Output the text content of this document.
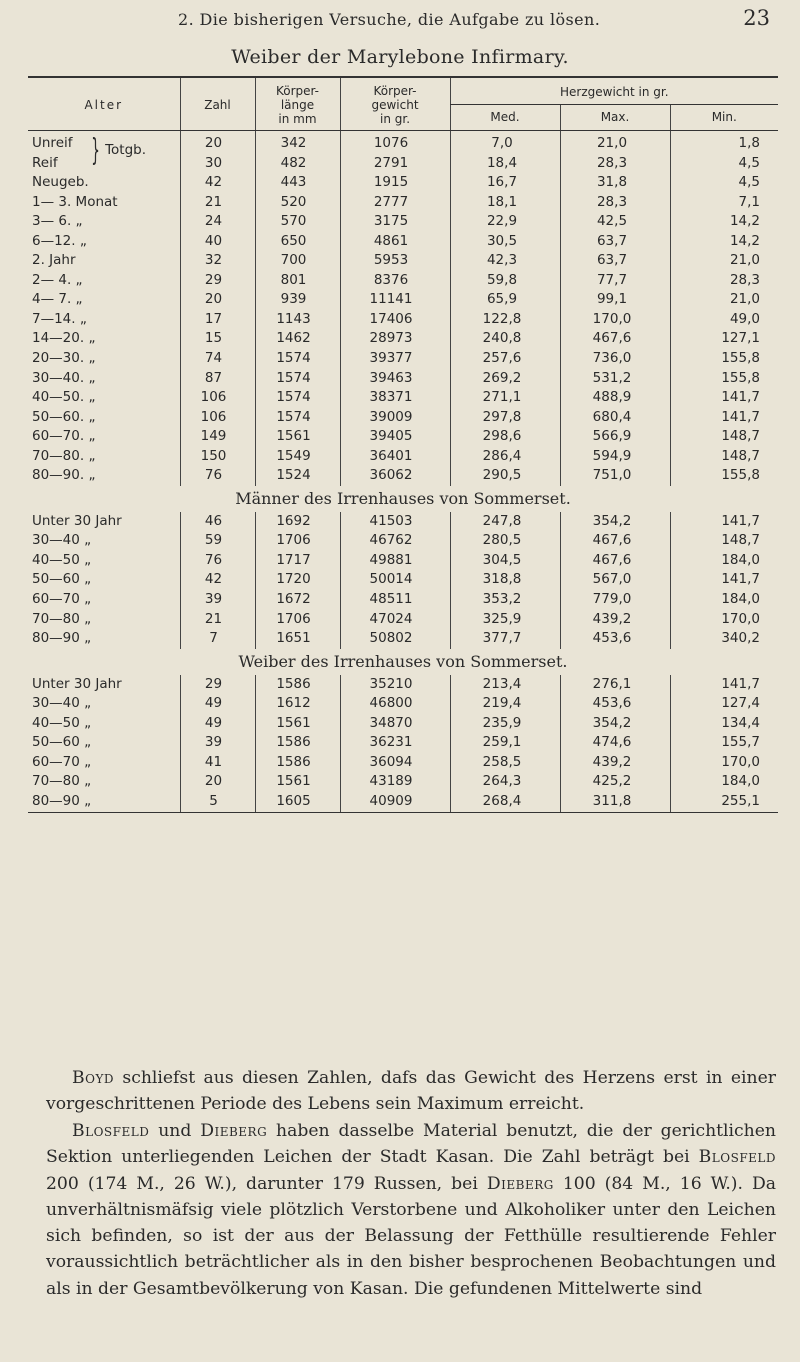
2. Die bisherigen Versuche, die Aufgabe zu lösen.	23
Weiber der Marylebone Infirmary.
Alter	Zahl	Körper-
länge
in mm	Körper-
gewicht
in gr.	Herzgewicht in gr.		
				Med.	Max.	Min.
Unreif } Totgb.	20	342	1076	7,0	21,0	1,8
Reif	30	482	2791	18,4	28,3	4,5
Neugeb.	42	443	1915	16,7	31,8	4,5
1— 3. Monat	21	520	2777	18,1	28,3	7,1
3— 6. „	24	570	3175	22,9	42,5	14,2
6—12. „	40	650	4861	30,5	63,7	14,2
2. Jahr	32	700	5953	42,3	63,7	21,0
2— 4. „	29	801	8376	59,8	77,7	28,3
4— 7. „	20	939	11141	65,9	99,1	21,0
7—14. „	17	1143	17406	122,8	170,0	49,0
14—20. „	15	1462	28973	240,8	467,6	127,1
20—30. „	74	1574	39377	257,6	736,0	155,8
30—40. „	87	1574	39463	269,2	531,2	155,8
40—50. „	106	1574	38371	271,1	488,9	141,7
50—60. „	106	1574	39009	297,8	680,4	141,7
60—70. „	149	1561	39405	298,6	566,9	148,7
70—80. „	150	1549	36401	286,4	594,9	148,7
80—90. „	76	1524	36062	290,5	751,0	155,8
Männer des Irrenhauses von Sommerset.						
Unter 30 Jahr	46	1692	41503	247,8	354,2	141,7
30—40 „	59	1706	46762	280,5	467,6	148,7
40—50 „	76	1717	49881	304,5	467,6	184,0
50—60 „	42	1720	50014	318,8	567,0	141,7
60—70 „	39	1672	48511	353,2	779,0	184,0
70—80 „	21	1706	47024	325,9	439,2	170,0
80—90 „	7	1651	50802	377,7	453,6	340,2
Weiber des Irrenhauses von Sommerset.						
Unter 30 Jahr	29	1586	35210	213,4	276,1	141,7
30—40 „	49	1612	46800	219,4	453,6	127,4
40—50 „	49	1561	34870	235,9	354,2	134,4
50—60 „	39	1586	36231	259,1	474,6	155,7
60—70 „	41	1586	36094	258,5	439,2	170,0
70—80 „	20	1561	43189	264,3	425,2	184,0
80—90 „	5	1605	40909	268,4	311,8	255,1
Boyd schliefst aus diesen Zahlen, dafs das Gewicht des Herzens erst in einer vorgeschrittenen Periode des Lebens sein Maximum erreicht.
Blosfeld und Dieberg haben dasselbe Material benutzt, die der gerichtlichen Sektion unterliegenden Leichen der Stadt Kasan. Die Zahl beträgt bei Blosfeld 200 (174 M., 26 W.), darunter 179 Russen, bei Dieberg 100 (84 M., 16 W.). Da unverhältnismäfsig viele plötzlich Verstorbene und Alkoholiker unter den Leichen sich befinden, so ist der aus der Belassung der Fetthülle resultierende Fehler voraussichtlich beträchtlicher als in den bisher besprochenen Beobachtungen und als in der Gesamtbevölkerung von Kasan. Die gefundenen Mittelwerte sind
